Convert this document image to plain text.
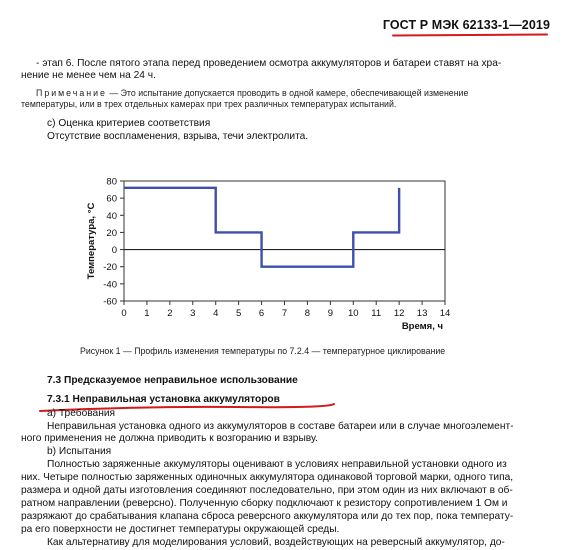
ГОСТ Р МЭК 62133-1—2019
- этап 6. После пятого этапа перед проведением осмотра аккумуляторов и батареи ставят на хра-
нение не менее чем на 24 ч.
Примечание — Это испытание допускается проводить в одной камере, обеспечивающей изменение
температуры, или в трех отдельных камерах при трех различных температурах испытаний.
c) Оценка критериев соответствия
Отсутствие воспламенения, взрыва, течи электролита.
-60
-40
-20
0
20
40
60
80
0 1 2 3 4 5 6 7 8 9 10 11 12 13 14
Время, ч
Температура, °С
Рисунок 1 — Профиль изменения температуры по 7.2.4 — температурное циклирование
7.3 Предсказуемое неправильное использование
7.3.1 Неправильная установка аккумуляторов
a) Требования
Неправильная установка одного из аккумуляторов в составе батареи или в случае многоэлемент-
ного применения не должна приводить к возгоранию и взрыву.
b) Испытания
Полностью заряженные аккумуляторы оценивают в условиях неправильной установки одного из
них. Четыре полностью заряженных одиночных аккумулятора одинаковой торговой марки, одного типа,
размера и одной даты изготовления соединяют последовательно, при этом один из них включают в об-
ратном направлении (реверсно). Полученную сборку подключают к резистору сопротивлением 1 Ом и
разряжают до срабатывания клапана сброса реверсного аккумулятора или до тех пор, пока температу-
ра его поверхности не достигнет температуры окружающей среды.
Как альтернативу для моделирования условий, воздействующих на реверсный аккумулятор, до-
